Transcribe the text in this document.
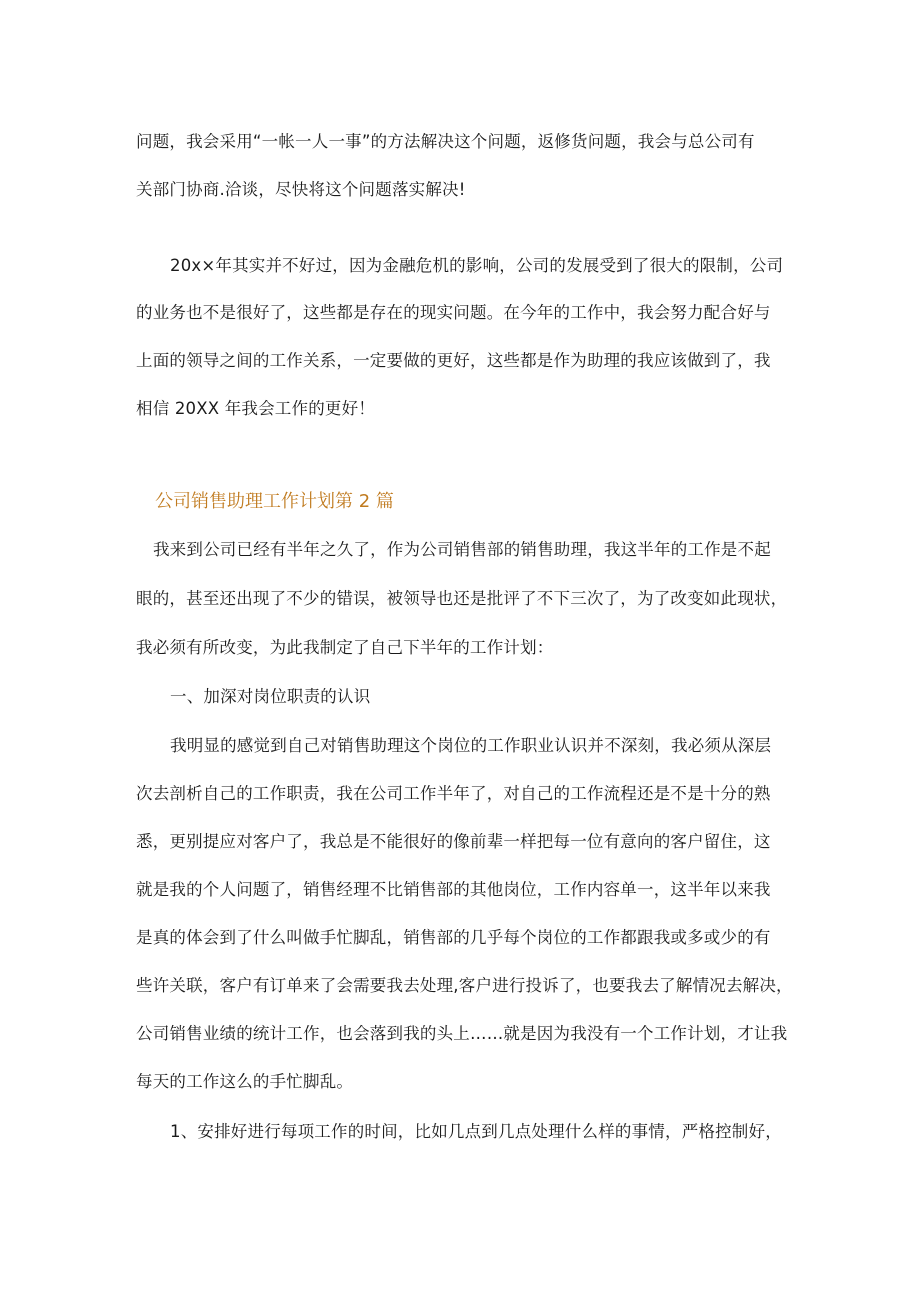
问题，我会采用“一帐一人一事”的方法解决这个问题，返修货问题，我会与总公司有
关部门协商.洽谈，尽快将这个问题落实解决!
20x×年其实并不好过，因为金融危机的影响，公司的发展受到了很大的限制，公司
的业务也不是很好了，这些都是存在的现实问题。在今年的工作中，我会努力配合好与
上面的领导之间的工作关系，一定要做的更好，这些都是作为助理的我应该做到了，我
相信 20XX 年我会工作的更好！
公司销售助理工作计划第 2 篇
我来到公司已经有半年之久了，作为公司销售部的销售助理，我这半年的工作是不起
眼的，甚至还出现了不少的错误，被领导也还是批评了不下三次了，为了改变如此现状，
我必须有所改变，为此我制定了自己下半年的工作计划：
一、加深对岗位职责的认识
我明显的感觉到自己对销售助理这个岗位的工作职业认识并不深刻，我必须从深层
次去剖析自己的工作职责，我在公司工作半年了，对自己的工作流程还是不是十分的熟
悉，更别提应对客户了，我总是不能很好的像前辈一样把每一位有意向的客户留住，这
就是我的个人问题了，销售经理不比销售部的其他岗位，工作内容单一，这半年以来我
是真的体会到了什么叫做手忙脚乱，销售部的几乎每个岗位的工作都跟我或多或少的有
些许关联，客户有订单来了会需要我去处理,客户进行投诉了，也要我去了解情况去解决，
公司销售业绩的统计工作，也会落到我的头上……就是因为我没有一个工作计划，才让我
每天的工作这么的手忙脚乱。
1、安排好进行每项工作的时间，比如几点到几点处理什么样的事情，严格控制好，
